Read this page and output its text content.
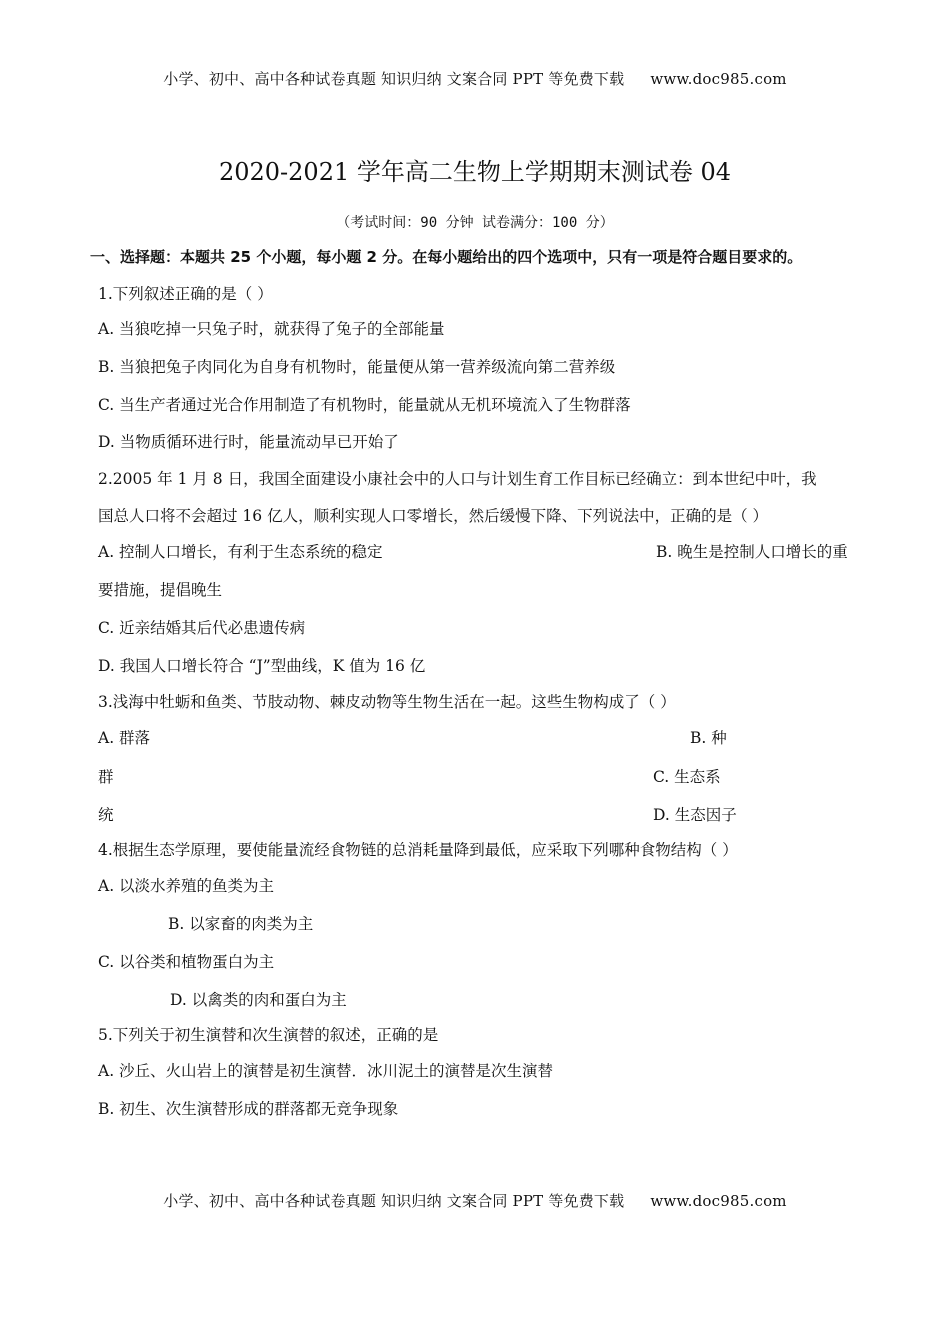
小学、初中、高中各种试卷真题 知识归纳 文案合同 PPT 等免费下载 www.doc985.com
2020-2021 学年高二生物上学期期末测试卷 04
（考试时间：90 分钟 试卷满分：100 分）
一、选择题：本题共 25 个小题，每小题 2 分。在每小题给出的四个选项中，只有一项是符合题目要求的。
1.下列叙述正确的是（ ）
A. 当狼吃掉一只兔子时，就获得了兔子的全部能量
B. 当狼把兔子肉同化为自身有机物时，能量便从第一营养级流向第二营养级
C. 当生产者通过光合作用制造了有机物时，能量就从无机环境流入了生物群落
D. 当物质循环进行时，能量流动早已开始了
2.2005 年 1 月 8 日，我国全面建设小康社会中的人口与计划生育工作目标已经确立：到本世纪中叶，我
国总人口将不会超过 16 亿人，顺利实现人口零增长，然后缓慢下降、下列说法中，正确的是（ ）
A. 控制人口增长，有利于生态系统的稳定	B. 晚生是控制人口增长的重
要措施，提倡晚生
C. 近亲结婚其后代必患遗传病
D. 我国人口增长符合 “J”型曲线，K 值为 16 亿
3.浅海中牡蛎和鱼类、节肢动物、棘皮动物等生物生活在一起。这些生物构成了（ ）
A. 群落	B. 种
群	C. 生态系
统	D. 生态因子
4.根据生态学原理，要使能量流经食物链的总消耗量降到最低，应采取下列哪种食物结构（ ）
A. 以淡水养殖的鱼类为主
B. 以家畜的肉类为主
C. 以谷类和植物蛋白为主
D. 以禽类的肉和蛋白为主
5.下列关于初生演替和次生演替的叙述，正确的是
A. 沙丘、火山岩上的演替是初生演替．冰川泥土的演替是次生演替
B. 初生、次生演替形成的群落都无竞争现象
小学、初中、高中各种试卷真题 知识归纳 文案合同 PPT 等免费下载 www.doc985.com
